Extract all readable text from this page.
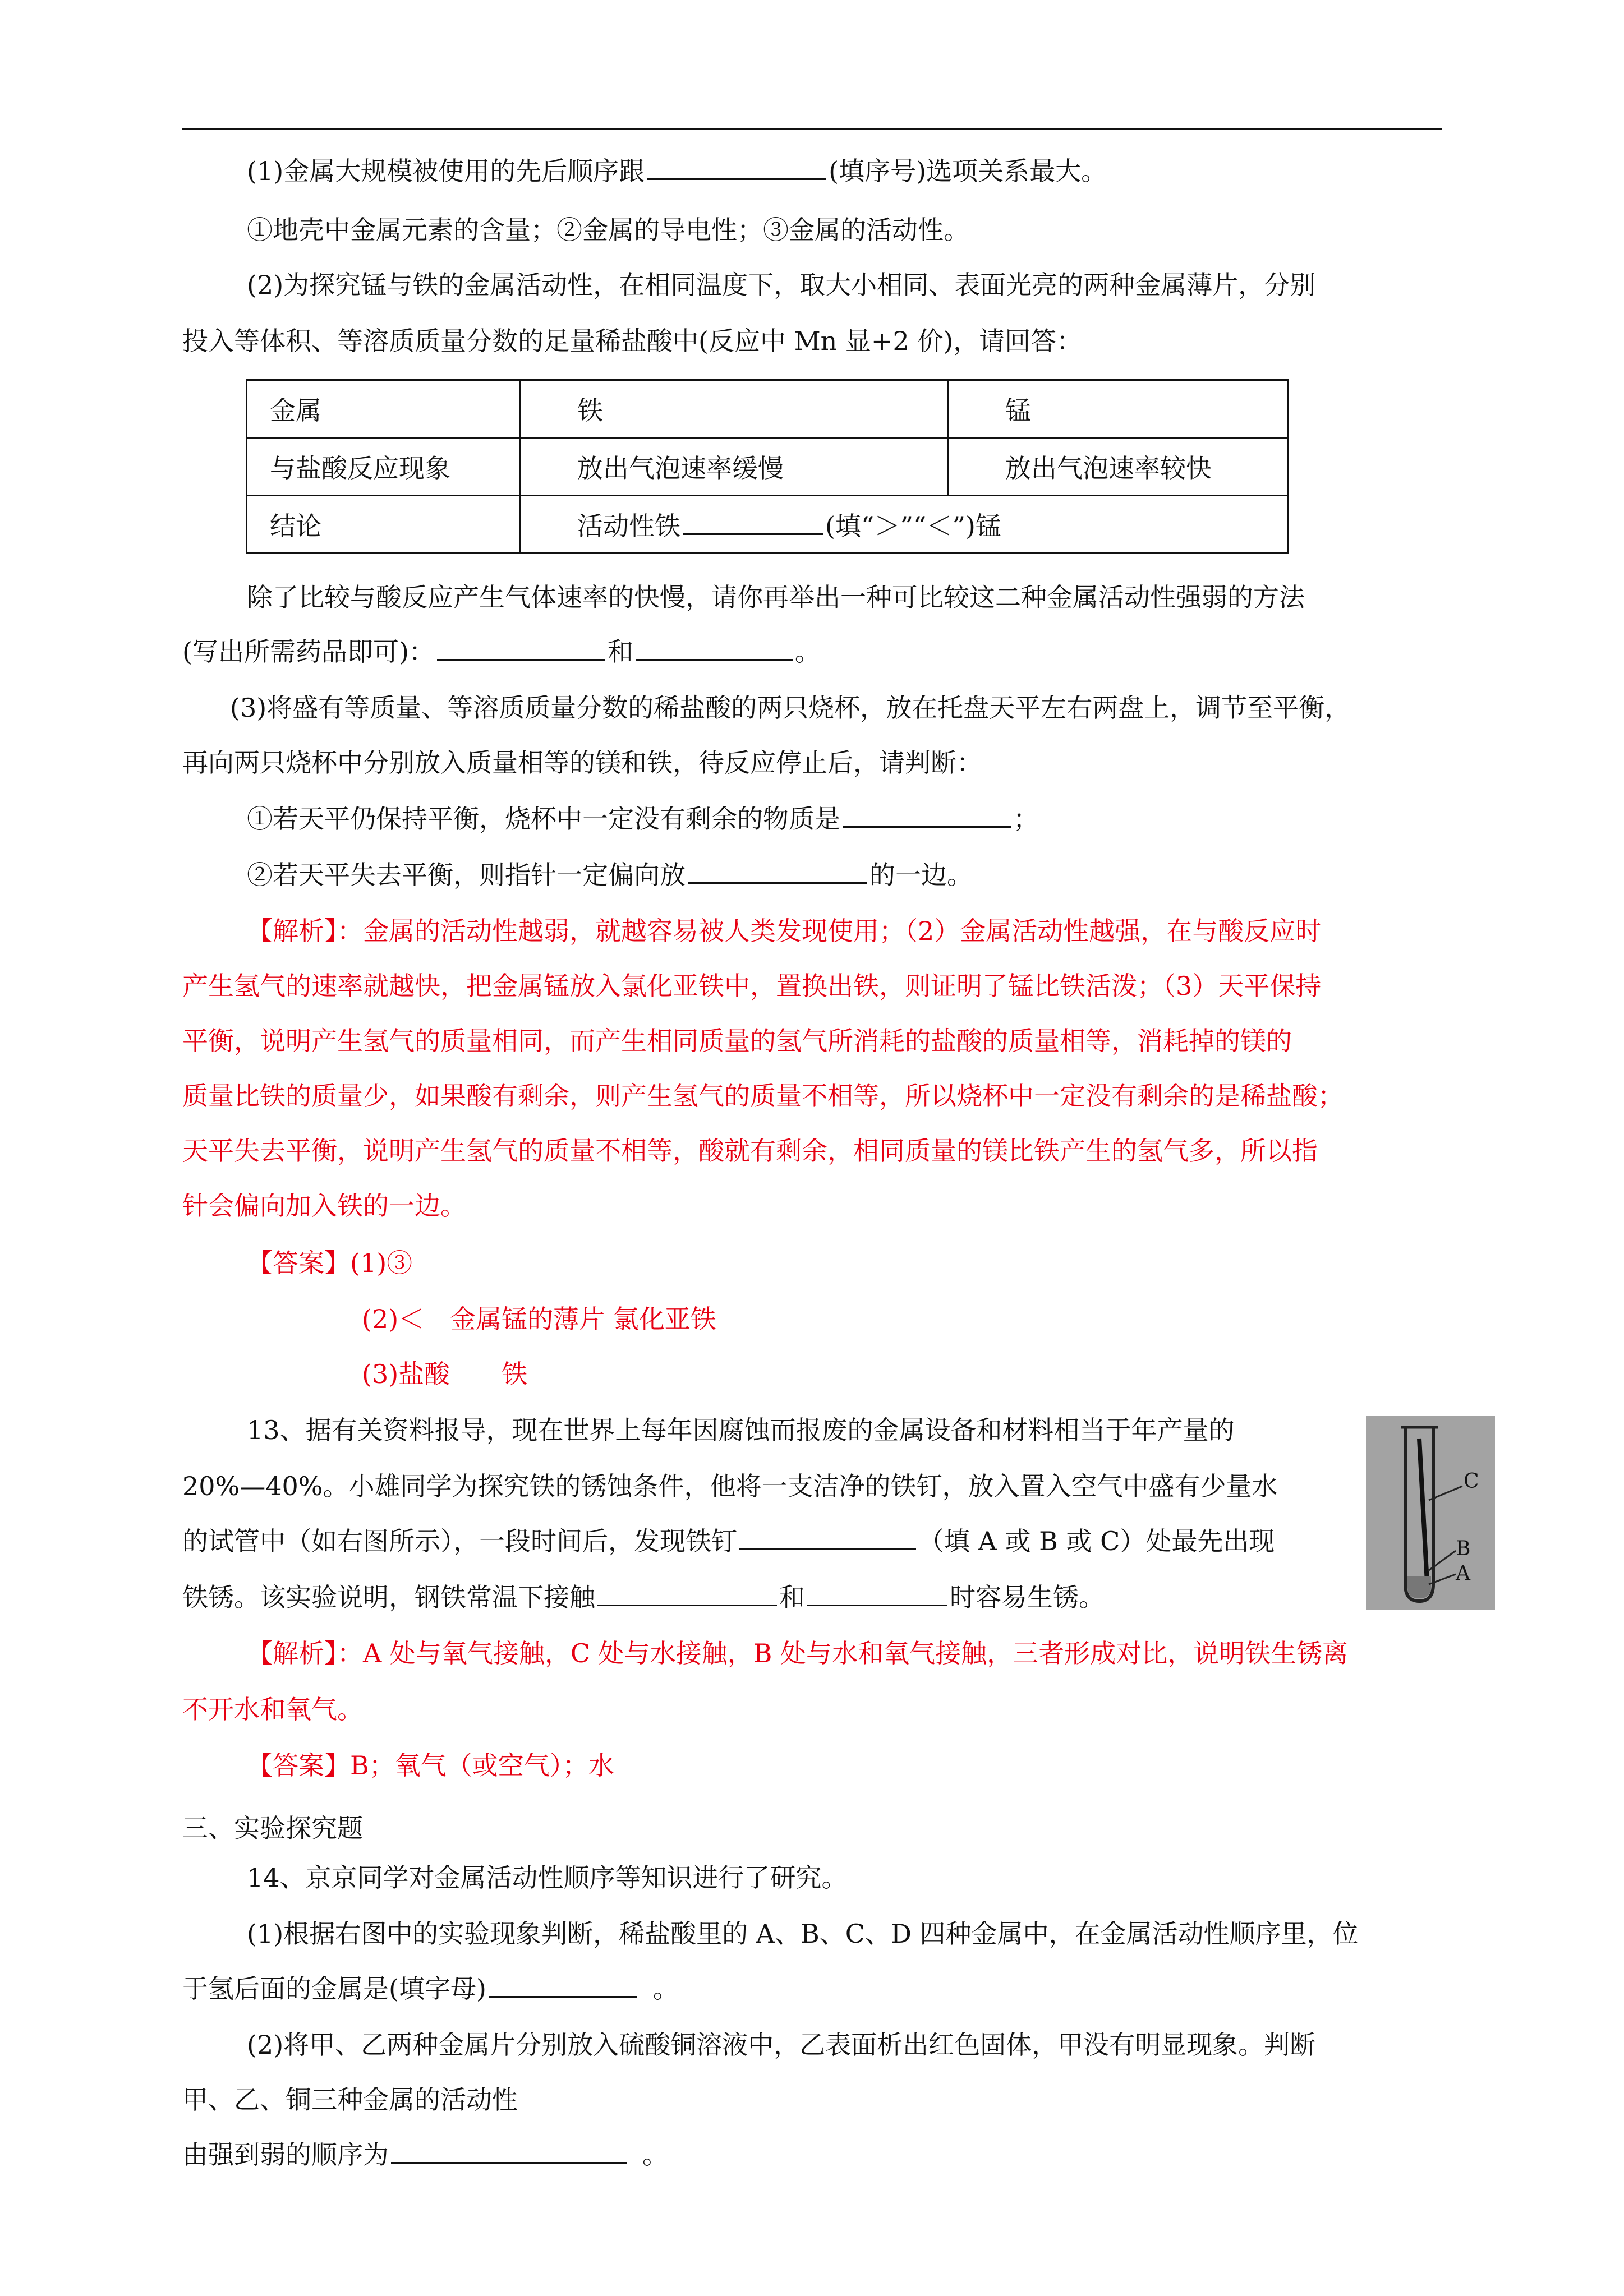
(1)金属大规模被使用的先后顺序跟	(填序号)选项关系最大。
①地壳中金属元素的含量；②金属的导电性；③金属的活动性。
(2)为探究锰与铁的金属活动性，在相同温度下，取大小相同、表面光亮的两种金属薄片，分别
投入等体积、等溶质质量分数的足量稀盐酸中(反应中 Mn 显+2 价)，请回答：
金属	铁	锰
与盐酸反应现象	放出气泡速率缓慢	放出气泡速率较快
结论	活动性铁 (填“＞”“＜”)锰	
除了比较与酸反应产生气体速率的快慢，请你再举出一种可比较这二种金属活动性强弱的方法
(写出所需药品即可)：	和	。
(3)将盛有等质量、等溶质质量分数的稀盐酸的两只烧杯，放在托盘天平左右两盘上，调节至平衡，
再向两只烧杯中分别放入质量相等的镁和铁，待反应停止后，请判断：
①若天平仍保持平衡，烧杯中一定没有剩余的物质是	；
②若天平失去平衡，则指针一定偏向放	的一边。
【解析】：金属的活动性越弱，就越容易被人类发现使用；（2）金属活动性越强，在与酸反应时
产生氢气的速率就越快，把金属锰放入氯化亚铁中，置换出铁，则证明了锰比铁活泼；（3）天平保持
平衡，说明产生氢气的质量相同，而产生相同质量的氢气所消耗的盐酸的质量相等，消耗掉的镁的
质量比铁的质量少，如果酸有剩余，则产生氢气的质量不相等，所以烧杯中一定没有剩余的是稀盐酸；
天平失去平衡，说明产生氢气的质量不相等，酸就有剩余，相同质量的镁比铁产生的氢气多，所以指
针会偏向加入铁的一边。
【答案】(1)③
(2)＜　金属锰的薄片 氯化亚铁
(3)盐酸　　铁
13、据有关资料报导，现在世界上每年因腐蚀而报废的金属设备和材料相当于年产量的
20%—40%。小雄同学为探究铁的锈蚀条件，他将一支洁净的铁钉，放入置入空气中盛有少量水
的试管中（如右图所示），一段时间后，发现铁钉	（填 A 或 B 或 C）处最先出现
铁锈。该实验说明，钢铁常温下接触	和	时容易生锈。
C
B
A
【解析】：A 处与氧气接触，C 处与水接触，B 处与水和氧气接触，三者形成对比，说明铁生锈离
不开水和氧气。
【答案】B；氧气（或空气）；水
三、实验探究题
14、京京同学对金属活动性顺序等知识进行了研究。
(1)根据右图中的实验现象判断，稀盐酸里的 A、B、C、D 四种金属中，在金属活动性顺序里，位
于氢后面的金属是(填字母)	。
(2)将甲、乙两种金属片分别放入硫酸铜溶液中，乙表面析出红色固体，甲没有明显现象。判断
甲、乙、铜三种金属的活动性
由强到弱的顺序为	。
